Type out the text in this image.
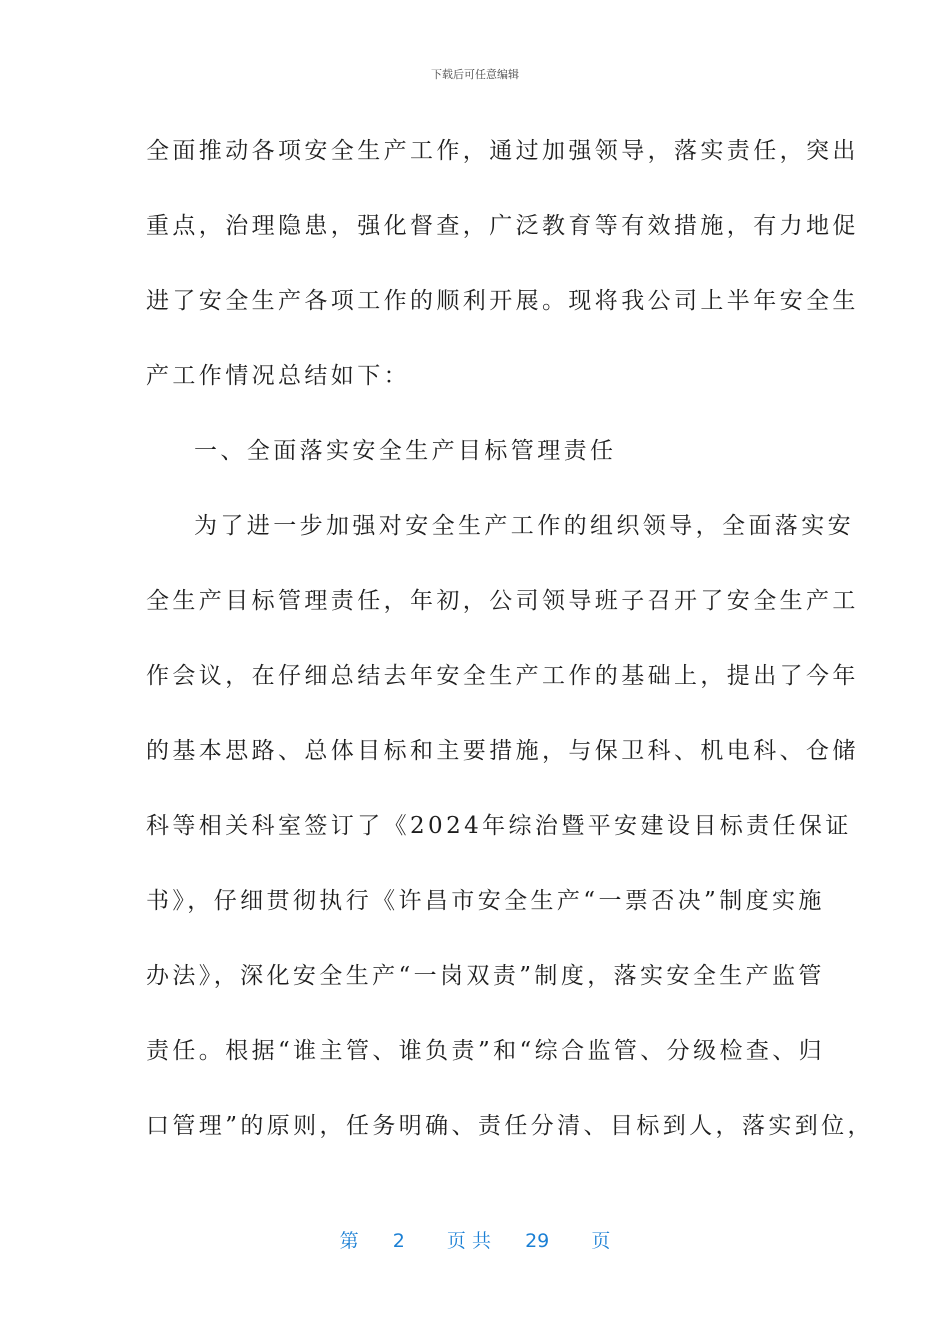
下载后可任意编辑
全面推动各项安全生产工作，通过加强领导，落实责任，突出
重点，治理隐患，强化督查，广泛教育等有效措施，有力地促
进了安全生产各项工作的顺利开展。现将我公司上半年安全生
产工作情况总结如下：
一、全面落实安全生产目标管理责任
为了进一步加强对安全生产工作的组织领导，全面落实安
全生产目标管理责任，年初，公司领导班子召开了安全生产工
作会议，在仔细总结去年安全生产工作的基础上，提出了今年
的基本思路、总体目标和主要措施，与保卫科、机电科、仓储
科等相关科室签订了《2024年综治暨平安建设目标责任保证
书》，仔细贯彻执行《许昌市安全生产“一票否决”制度实施
办法》，深化安全生产“一岗双责”制度，落实安全生产监管
责任。根据“谁主管、谁负责”和“综合监管、分级检查、归
口管理”的原则，任务明确、责任分清、目标到人，落实到位，
第 2 页 共 29 页
